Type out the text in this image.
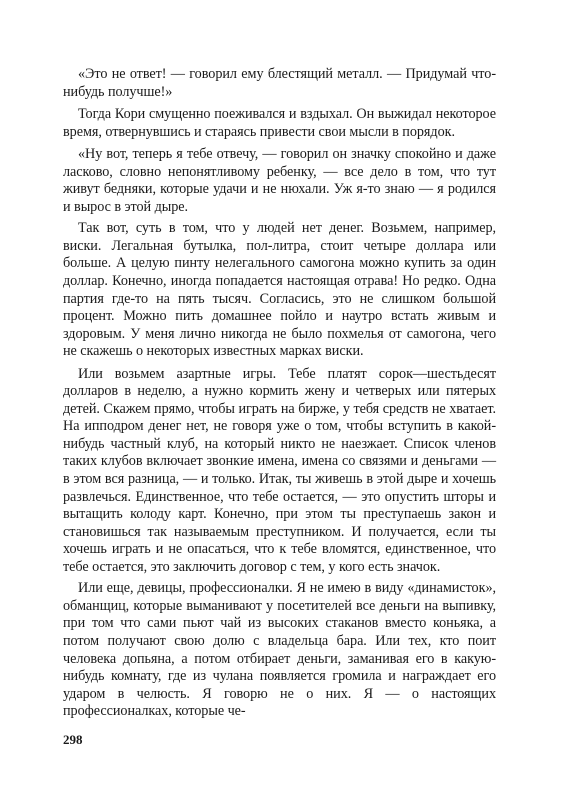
«Это не ответ! — говорил ему блестящий металл. — Придумай что-нибудь получше!»

Тогда Кори смущенно поеживался и вздыхал. Он выжидал некоторое время, отвернувшись и стараясь привести свои мысли в порядок.

«Ну вот, теперь я тебе отвечу, — говорил он значку спокойно и даже ласково, словно непонятливому ребенку, — все дело в том, что тут живут бедняки, которые удачи и не нюхали. Уж я-то знаю — я родился и вырос в этой дыре.

Так вот, суть в том, что у людей нет денег. Возьмем, например, виски. Легальная бутылка, пол-литра, стоит четыре доллара или больше. А целую пинту нелегального самогона можно купить за один доллар. Конечно, иногда попадается настоящая отрава! Но редко. Одна партия где-то на пять тысяч. Согласись, это не слишком большой процент. Можно пить домашнее пойло и наутро встать живым и здоровым. У меня лично никогда не было похмелья от самогона, чего не скажешь о некоторых известных марках виски.

Или возьмем азартные игры. Тебе платят сорок—шестьдесят долларов в неделю, а нужно кормить жену и четверых или пятерых детей. Скажем прямо, чтобы играть на бирже, у тебя средств не хватает. На ипподром денег нет, не говоря уже о том, чтобы вступить в какой-нибудь частный клуб, на который никто не наезжает. Список членов таких клубов включает звонкие имена, имена со связями и деньгами — в этом вся разница, — и только. Итак, ты живешь в этой дыре и хочешь развлечься. Единственное, что тебе остается, — это опустить шторы и вытащить колоду карт. Конечно, при этом ты преступаешь закон и становишься так называемым преступником. И получается, если ты хочешь играть и не опасаться, что к тебе вломятся, единственное, что тебе остается, это заключить договор с тем, у кого есть значок.

Или еще, девицы, профессионалки. Я не имею в виду «динамисток», обманщиц, которые выманивают у посетителей все деньги на выпивку, при том что сами пьют чай из высоких стаканов вместо коньяка, а потом получают свою долю с владельца бара. Или тех, кто поит человека допьяна, а потом отбирает деньги, заманивая его в какую-нибудь комнату, где из чулана появляется громила и награждает его ударом в челюсть. Я говорю не о них. Я — о настоящих профессионалках, которые че-

298
